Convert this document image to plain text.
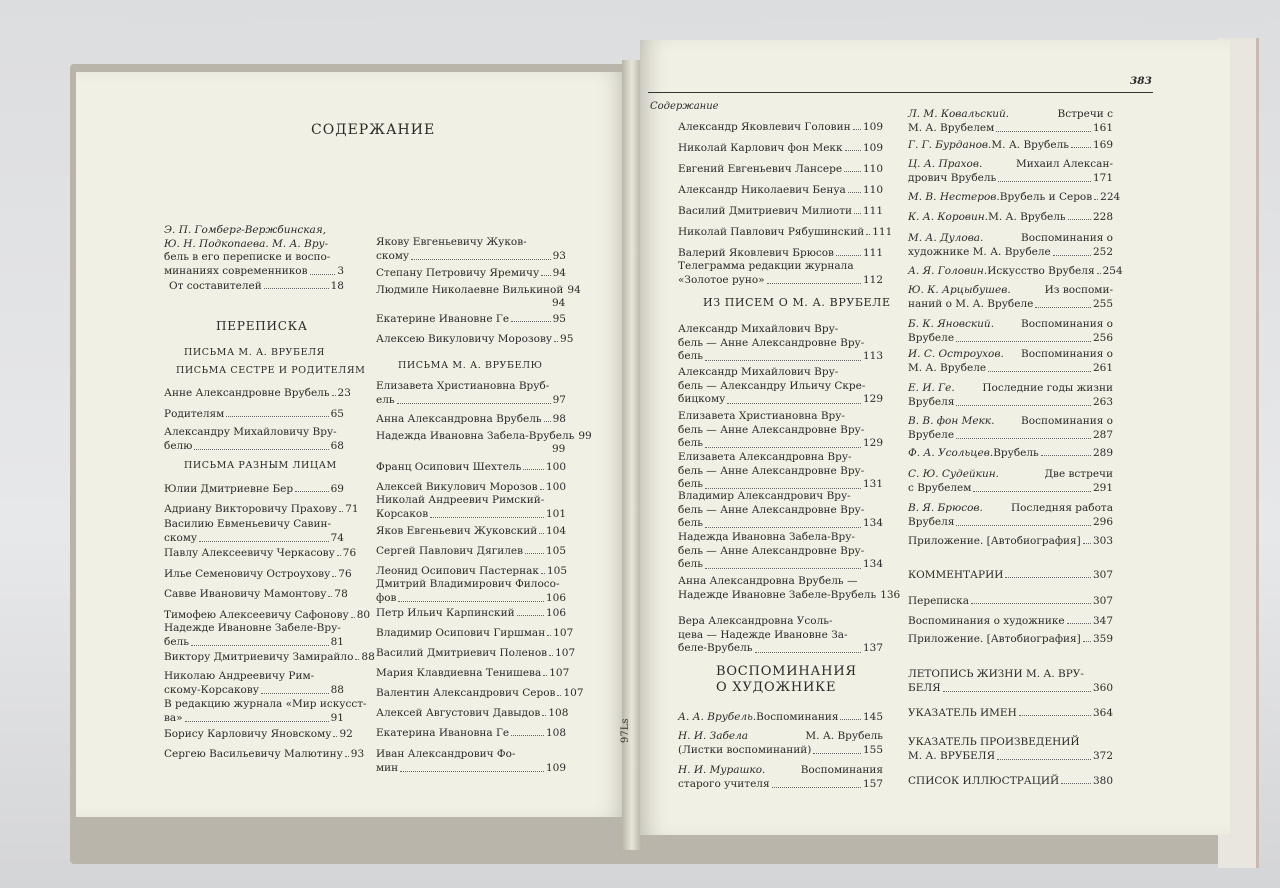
СОДЕРЖАНИЕ
Э. П. Гомберг-Вержбинская,
Ю. Н. Подкопаева. М. А. Вру-
бель в его переписке и воспо-
минаниях современников	3
От составителей	18
ПЕРЕПИСКА
ПИСЬМА М. А. ВРУБЕЛЯ
ПИСЬМА СЕСТРЕ И РОДИТЕЛЯМ
Анне Александровне Врубель 23
Родителям	65
Александру Михайловичу Вру-
белю	68
ПИСЬМА РАЗНЫМ ЛИЦАМ
Юлии Дмитриевне Бер	69
Адриану Викторовичу Прахову 71
Василию Евменьевичу Савин-
скому	74
Павлу Алексеевичу Черкасову 76
Илье Семеновичу Остроухову 76
Савве Ивановичу Мамонтову 78
Тимофею Алексеевичу Сафонову 80
Надежде Ивановне Забеле-Вру-
бель	81
Виктору Дмитриевичу Замирайло 88
Николаю Андреевичу Рим-
скому-Корсакову	88
В редакцию журнала «Мир искусст-
ва»	91
Борису Карловичу Яновскому 92
Сергею Васильевичу Малютину 93
Якову Евгеньевичу Жуков-
скому	93
Степану Петровичу Яремичу 94
Людмиле Николаевне Вилькиной 94
94
Екатерине Ивановне Ге	95
Алексею Викуловичу Морозову 95
ПИСЬМА М. А. ВРУБЕЛЮ
Елизавета Христиановна Вруб-
ель	97
Анна Александровна Врубель 98
Надежда Ивановна Забела-Врубель 99
99
Франц Осипович Шехтель 100
Алексей Викулович Морозов 100
Николай Андреевич Римский-
Корсаков	101
Яков Евгеньевич Жуковский 104
Сергей Павлович Дягилев 105
Леонид Осипович Пастернак 105
Дмитрий Владимирович Филосо-
фов	106
Петр Ильич Карпинский	106
Владимир Осипович Гиршман 107
Василий Дмитриевич Поленов 107
Мария Клавдиевна Тенишева 107
Валентин Александрович Серов 107
Алексей Августович Давыдов 108
Екатерина Ивановна Ге	108
Иван Александрович Фо-
мин	109
383
Содержание
Александр Яковлевич Головин 109
Николай Карлович фон Мекк 109
Евгений Евгеньевич Лансере 110
Александр Николаевич Бенуа 110
Василий Дмитриевич Милиоти 111
Николай Павлович Рябушинский 111
Валерий Яковлевич Брюсов	111
Телеграмма редакции журнала
«Золотое руно»	112
ИЗ ПИСЕМ О М. А. ВРУБЕЛЕ
Александр Михайлович Вру-
бель — Анне Александровне Вру-
бель	113
Александр Михайлович Вру-
бель — Александру Ильичу Скре-
бицкому	129
Елизавета Христиановна Вру-
бель — Анне Александровне Вру-
бель	129
Елизавета Александровна Вру-
бель — Анне Александровне Вру-
бель	131
Владимир Александрович Вру-
бель — Анне Александровне Вру-
бель	134
Надежда Ивановна Забела-Вру-
бель — Анне Александровне Вру-
бель	134
Анна Александровна Врубель —
Надежде Ивановне Забеле-Врубель 136
Вера Александровна Усоль-
цева — Надежде Ивановне За-
беле-Врубель	137
ВОСПОМИНАНИЯ
О ХУДОЖНИКЕ
А. А. Врубель. Воспоминания 145
Н. И. Забела	М. А. Врубель
(Листки воспоминаний)	155
Н. И. Мурашко.	Воспоминания
старого учителя	157
Л. М. Ковальский.	Встречи с
М. А. Врубелем	161
Г. Г. Бурданов. М. А. Врубель 169
Ц. А. Прахов.	Михаил Алексан-
дрович Врубель	171
М. В. Нестеров. Врубель и Серов 224
К. А. Коровин. М. А. Врубель	228
М. А. Дулова.	Воспоминания о
художнике М. А. Врубеле	252
А. Я. Головин. Искусство Врубеля 254
Ю. К. Арцыбушев.	Из воспоми-
наний о М. А. Врубеле	255
Б. К. Яновский.	Воспоминания о
Врубеле	256
И. С. Остроухов. Воспоминания о
М. А. Врубеле	261
Е. И. Ге.	Последние годы жизни
Врубеля	263
В. В. фон Мекк.	Воспоминания о
Врубеле	287
Ф. А. Усольцев. Врубель	289
С. Ю. Судейкин.	Две встречи
с Врубелем	291
В. Я. Брюсов.	Последняя работа
Врубеля	296
Приложение. [Автобиография] 303
КОММЕНТАРИИ	307
Переписка	307
Воспоминания о художнике	347
Приложение. [Автобиография] 359
ЛЕТОПИСЬ ЖИЗНИ М. А. ВРУ-
БЕЛЯ	360
УКАЗАТЕЛЬ ИМЕН	364
УКАЗАТЕЛЬ ПРОИЗВЕДЕНИЙ
М. А. ВРУБЕЛЯ	372
СПИСОК ИЛЛЮСТРАЦИЙ	380
97Ls
